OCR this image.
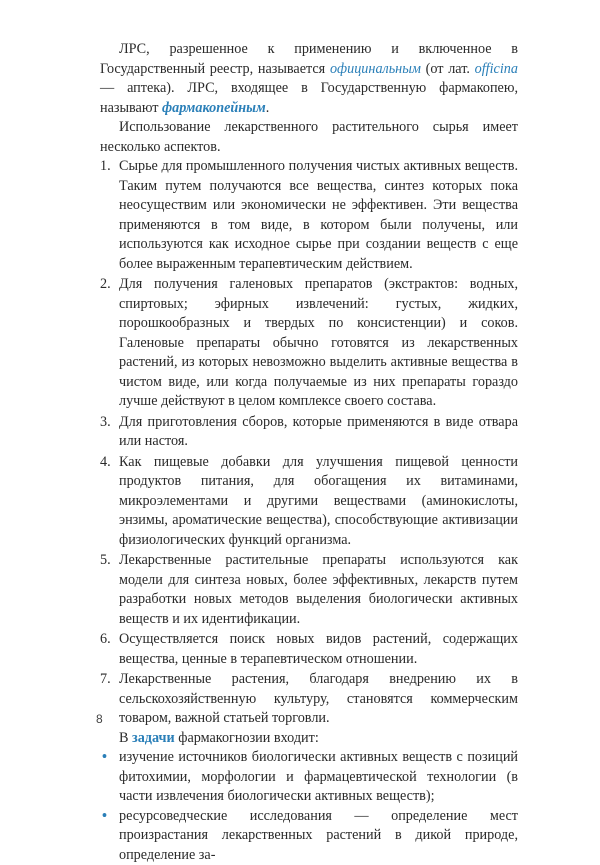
ЛРС, разрешенное к применению и включенное в Государственный реестр, называется официнальным (от лат. officina — аптека). ЛРС, входящее в Государственную фармакопею, называют фармакопейным.

Использование лекарственного растительного сырья имеет несколько аспектов.

1. Сырье для промышленного получения чистых активных веществ. Таким путем получаются все вещества, синтез которых пока неосуществим или экономически не эффективен. Эти вещества применяются в том виде, в котором были получены, или используются как исходное сырье при создании веществ с еще более выраженным терапевтическим действием.
2. Для получения галеновых препаратов (экстрактов: водных, спиртовых; эфирных извлечений: густых, жидких, порошкообразных и твердых по консистенции) и соков. Галеновые препараты обычно готовятся из лекарственных растений, из которых невозможно выделить активные вещества в чистом виде, или когда получаемые из них препараты гораздо лучше действуют в целом комплексе своего состава.
3. Для приготовления сборов, которые применяются в виде отвара или настоя.
4. Как пищевые добавки для улучшения пищевой ценности продуктов питания, для обогащения их витаминами, микроэлементами и другими веществами (аминокислоты, энзимы, ароматические вещества), способствующие активизации физиологических функций организма.
5. Лекарственные растительные препараты используются как модели для синтеза новых, более эффективных, лекарств путем разработки новых методов выделения биологически активных веществ и их идентификации.
6. Осуществляется поиск новых видов растений, содержащих вещества, ценные в терапевтическом отношении.
7. Лекарственные растения, благодаря внедрению их в сельскохозяйственную культуру, становятся коммерческим товаром, важной статьей торговли.

В задачи фармакогнозии входит:

• изучение источников биологически активных веществ с позиций фитохимии, морфологии и фармацевтической технологии (в части извлечения биологически активных веществ);
• ресурсоведческие исследования — определение мест произрастания лекарственных растений в дикой природе, определение за-
8
